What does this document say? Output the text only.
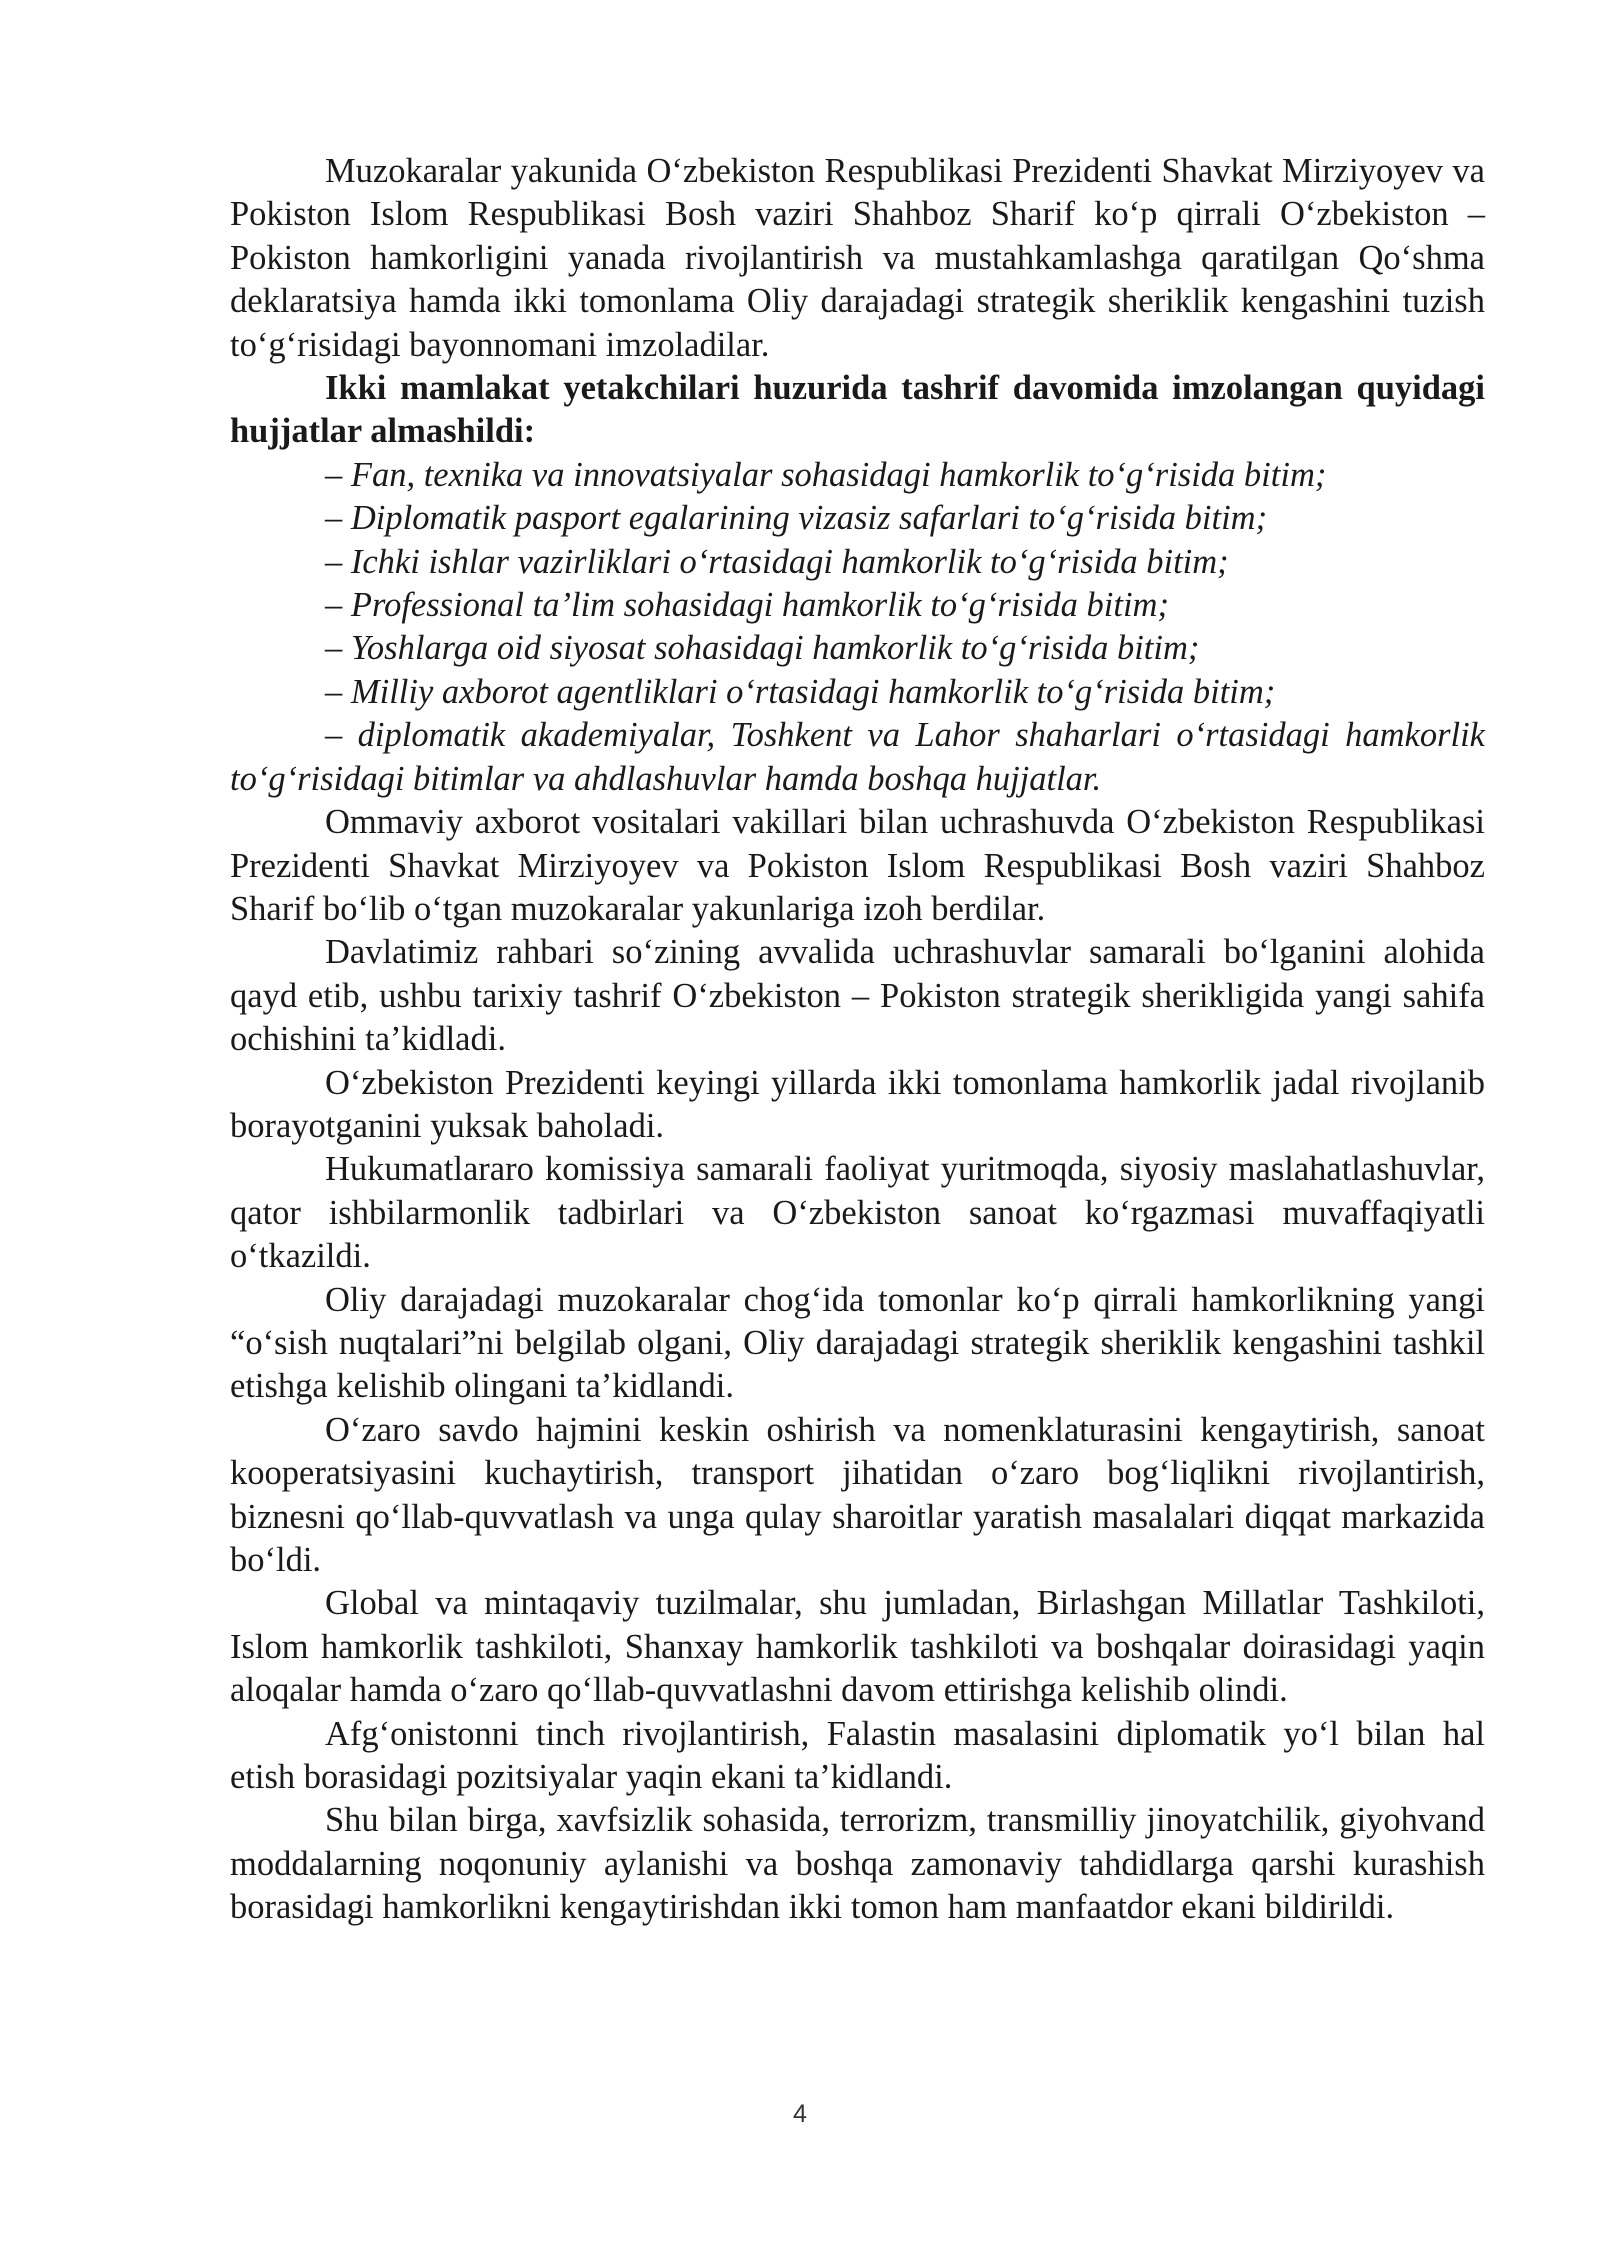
Muzokaralar yakunida O‘zbekiston Respublikasi Prezidenti Shavkat Mirziyoyev va Pokiston Islom Respublikasi Bosh vaziri Shahboz Sharif ko‘p qirrali O‘zbekiston – Pokiston hamkorligini yanada rivojlantirish va mustahkamlashga qaratilgan Qo‘shma deklaratsiya hamda ikki tomonlama Oliy darajadagi strategik sheriklik kengashini tuzish to‘g‘risidagi bayonnomani imzoladilar.

Ikki mamlakat yetakchilari huzurida tashrif davomida imzolangan quyidagi hujjatlar almashildi:

– Fan, texnika va innovatsiyalar sohasidagi hamkorlik to‘g‘risida bitim;

– Diplomatik pasport egalarining vizasiz safarlari to‘g‘risida bitim;

– Ichki ishlar vazirliklari o‘rtasidagi hamkorlik to‘g‘risida bitim;

– Professional ta’lim sohasidagi hamkorlik to‘g‘risida bitim;

– Yoshlarga oid siyosat sohasidagi hamkorlik to‘g‘risida bitim;

– Milliy axborot agentliklari o‘rtasidagi hamkorlik to‘g‘risida bitim;

– diplomatik akademiyalar, Toshkent va Lahor shaharlari o‘rtasidagi hamkorlik to‘g‘risidagi bitimlar va ahdlashuvlar hamda boshqa hujjatlar.

Ommaviy axborot vositalari vakillari bilan uchrashuvda O‘zbekiston Respublikasi Prezidenti Shavkat Mirziyoyev va Pokiston Islom Respublikasi Bosh vaziri Shahboz Sharif bo‘lib o‘tgan muzokaralar yakunlariga izoh berdilar.

Davlatimiz rahbari so‘zining avvalida uchrashuvlar samarali bo‘lganini alohida qayd etib, ushbu tarixiy tashrif O‘zbekiston – Pokiston strategik sherikligida yangi sahifa ochishini ta’kidladi.

O‘zbekiston Prezidenti keyingi yillarda ikki tomonlama hamkorlik jadal rivojlanib borayotganini yuksak baholadi.

Hukumatlararo komissiya samarali faoliyat yuritmoqda, siyosiy maslahatlashuvlar, qator ishbilarmonlik tadbirlari va O‘zbekiston sanoat ko‘rgazmasi muvaffaqiyatli o‘tkazildi.

Oliy darajadagi muzokaralar chog‘ida tomonlar ko‘p qirrali hamkorlikning yangi “o‘sish nuqtalari”ni belgilab olgani, Oliy darajadagi strategik sheriklik kengashini tashkil etishga kelishib olingani ta’kidlandi.

O‘zaro savdo hajmini keskin oshirish va nomenklaturasini kengaytirish, sanoat kooperatsiyasini kuchaytirish, transport jihatidan o‘zaro bog‘liqlikni rivojlantirish, biznesni qo‘llab-quvvatlash va unga qulay sharoitlar yaratish masalalari diqqat markazida bo‘ldi.

Global va mintaqaviy tuzilmalar, shu jumladan, Birlashgan Millatlar Tashkiloti, Islom hamkorlik tashkiloti, Shanxay hamkorlik tashkiloti va boshqalar doirasidagi yaqin aloqalar hamda o‘zaro qo‘llab-quvvatlashni davom ettirishga kelishib olindi.

Afg‘onistonni tinch rivojlantirish, Falastin masalasini diplomatik yo‘l bilan hal etish borasidagi pozitsiyalar yaqin ekani ta’kidlandi.

Shu bilan birga, xavfsizlik sohasida, terrorizm, transmilliy jinoyatchilik, giyohvand moddalarning noqonuniy aylanishi va boshqa zamonaviy tahdidlarga qarshi kurashish borasidagi hamkorlikni kengaytirishdan ikki tomon ham manfaatdor ekani bildirildi.

4
